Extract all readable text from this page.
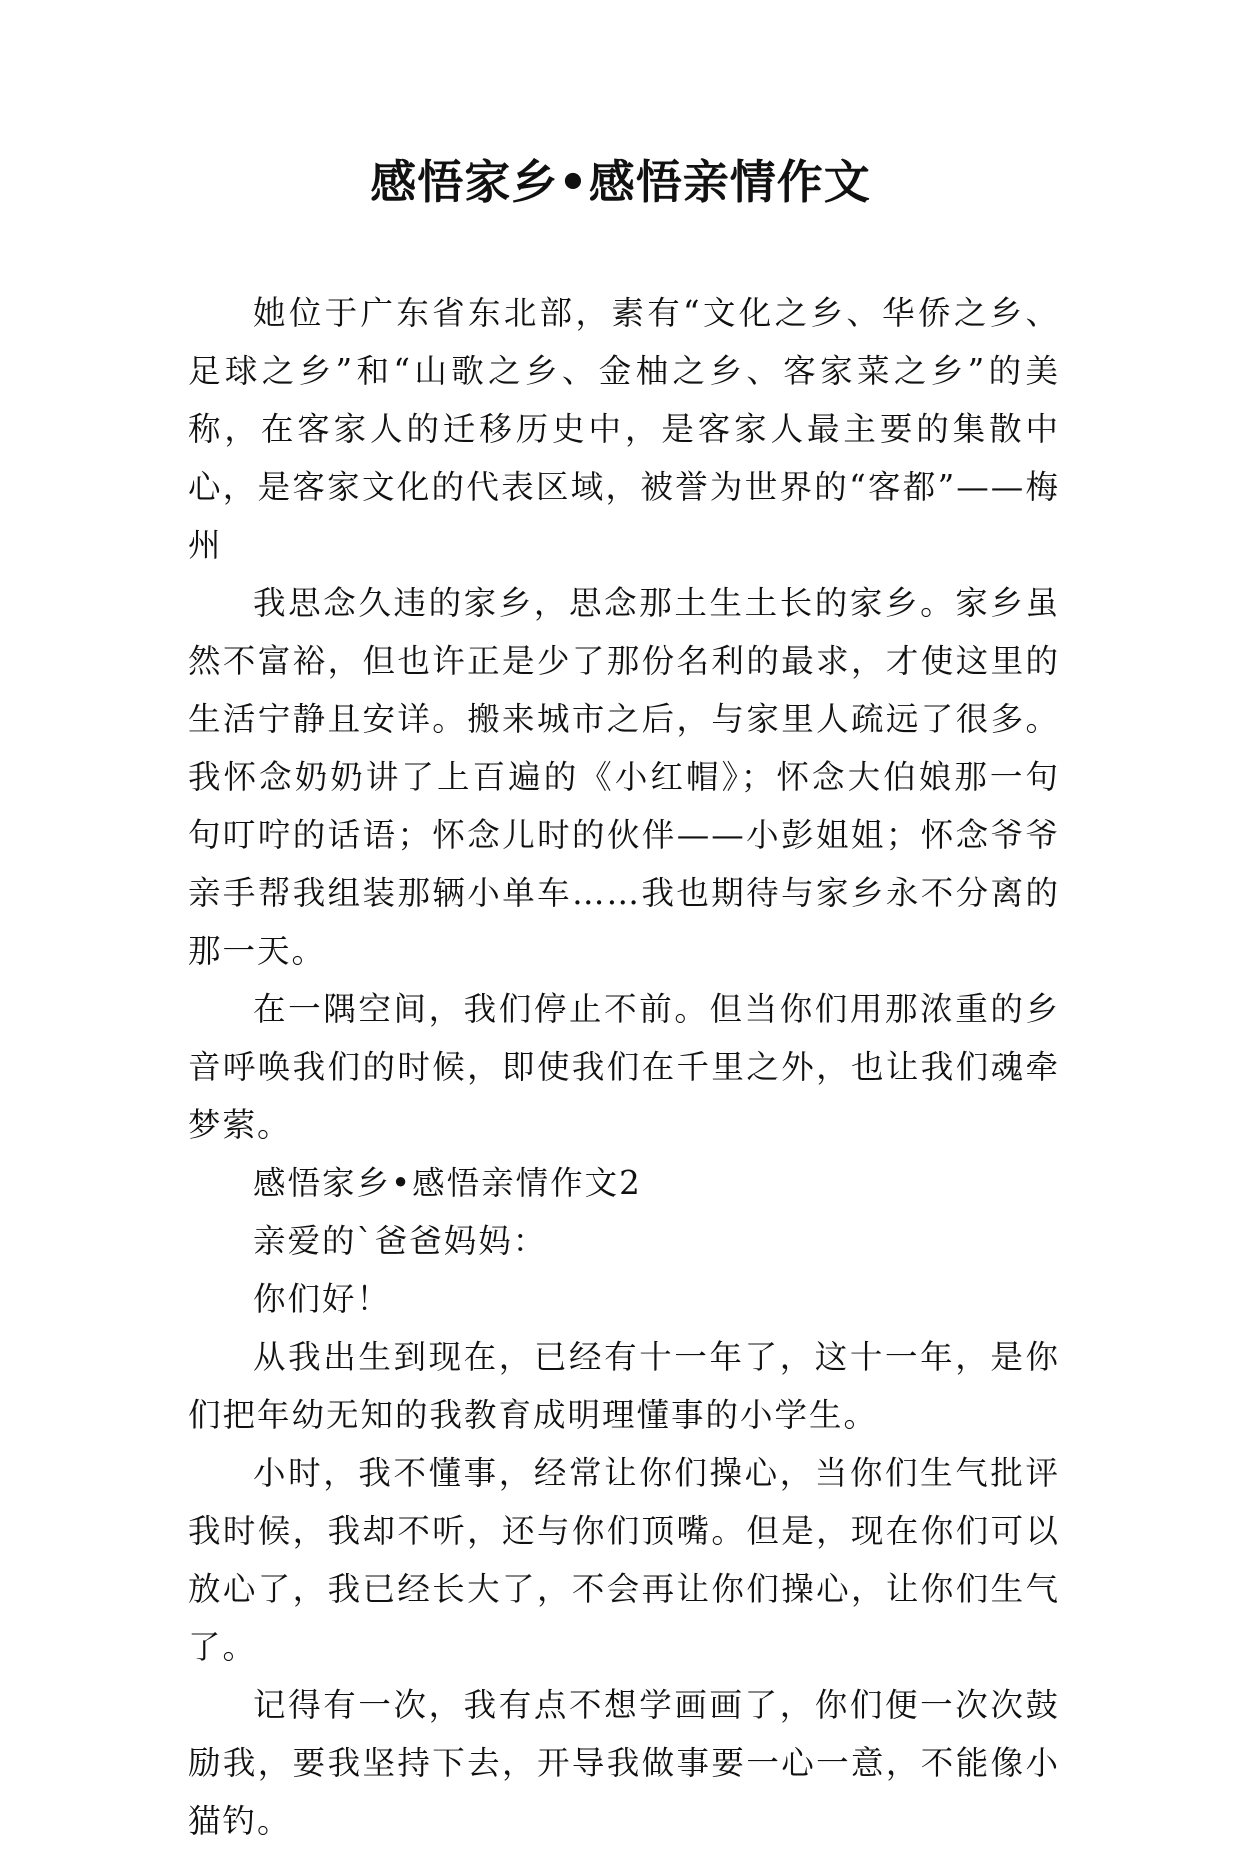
感悟家乡•感悟亲情作文

她位于广东省东北部，素有“文化之乡、华侨之乡、足球之乡”和“山歌之乡、金柚之乡、客家菜之乡”的美称，在客家人的迁移历史中，是客家人最主要的集散中心，是客家文化的代表区域，被誉为世界的“客都”——梅州

我思念久违的家乡，思念那土生土长的家乡。家乡虽然不富裕，但也许正是少了那份名利的最求，才使这里的生活宁静且安详。搬来城市之后，与家里人疏远了很多。我怀念奶奶讲了上百遍的《小红帽》；怀念大伯娘那一句句叮咛的话语；怀念儿时的伙伴——小彭姐姐；怀念爷爷亲手帮我组装那辆小单车……我也期待与家乡永不分离的那一天。

在一隅空间，我们停止不前。但当你们用那浓重的乡音呼唤我们的时候，即使我们在千里之外，也让我们魂牵梦萦。

感悟家乡•感悟亲情作文2

亲爱的`爸爸妈妈：

你们好！

从我出生到现在，已经有十一年了，这十一年，是你们把年幼无知的我教育成明理懂事的小学生。

小时，我不懂事，经常让你们操心，当你们生气批评我时候，我却不听，还与你们顶嘴。但是，现在你们可以放心了，我已经长大了，不会再让你们操心，让你们生气了。

记得有一次，我有点不想学画画了，你们便一次次鼓励我，要我坚持下去，开导我做事要一心一意，不能像小猫钓。
